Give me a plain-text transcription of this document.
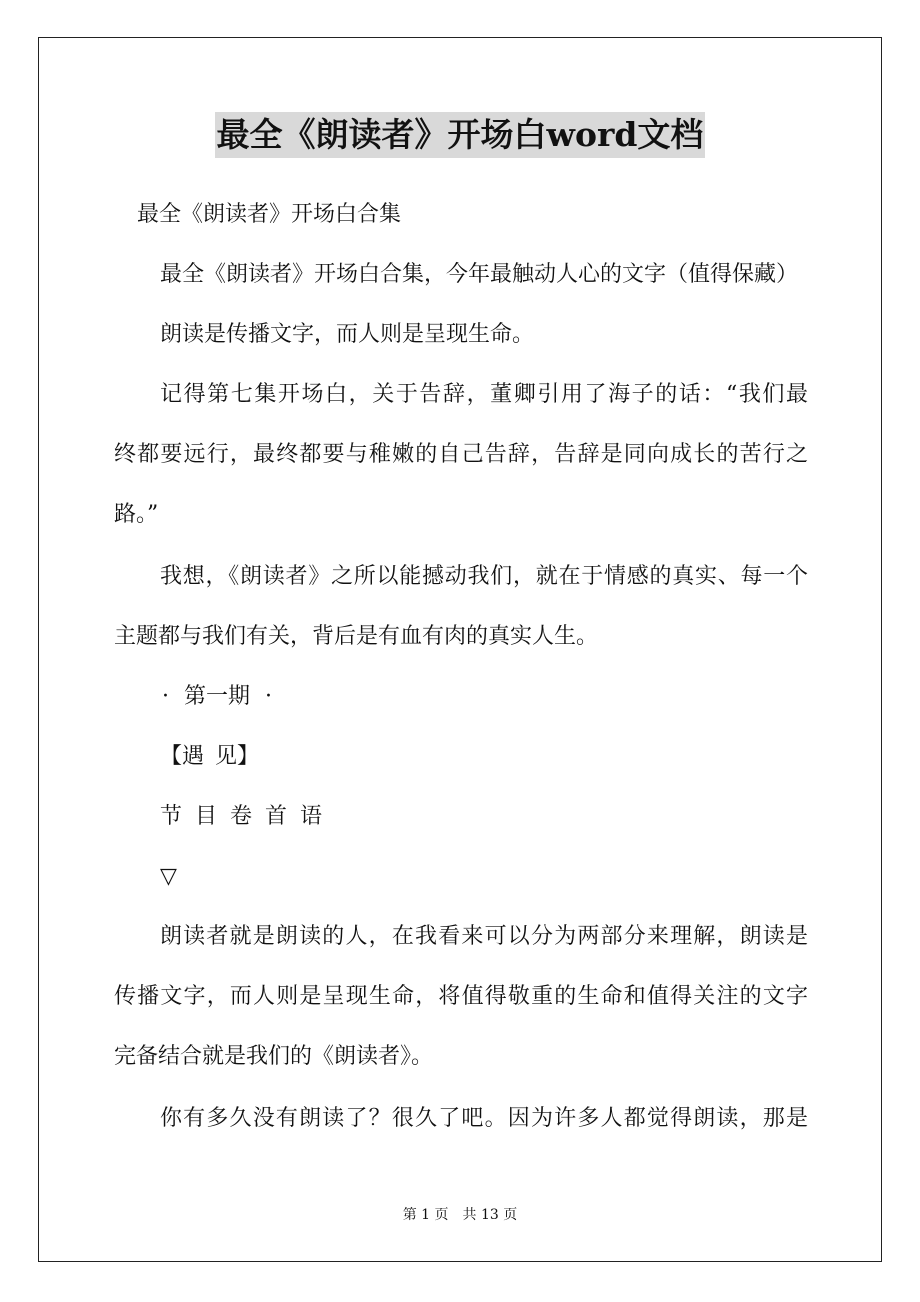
最全《朗读者》开场白word文档
最全《朗读者》开场白合集
最全《朗读者》开场白合集，今年最触动人心的文字（值得保藏）
朗读是传播文字，而人则是呈现生命。
记得第七集开场白，关于告辞，董卿引用了海子的话：“我们最
终都要远行，最终都要与稚嫩的自己告辞，告辞是同向成长的苦行之
路。”
我想，《朗读者》之所以能撼动我们，就在于情感的真实、每一个
主题都与我们有关，背后是有血有肉的真实人生。
· 第一期 ·
【遇 见】
节 目 卷 首 语
▽
朗读者就是朗读的人，在我看来可以分为两部分来理解，朗读是
传播文字，而人则是呈现生命，将值得敬重的生命和值得关注的文字
完备结合就是我们的《朗读者》。
你有多久没有朗读了？很久了吧。因为许多人都觉得朗读，那是
第 1 页　共 13 页
